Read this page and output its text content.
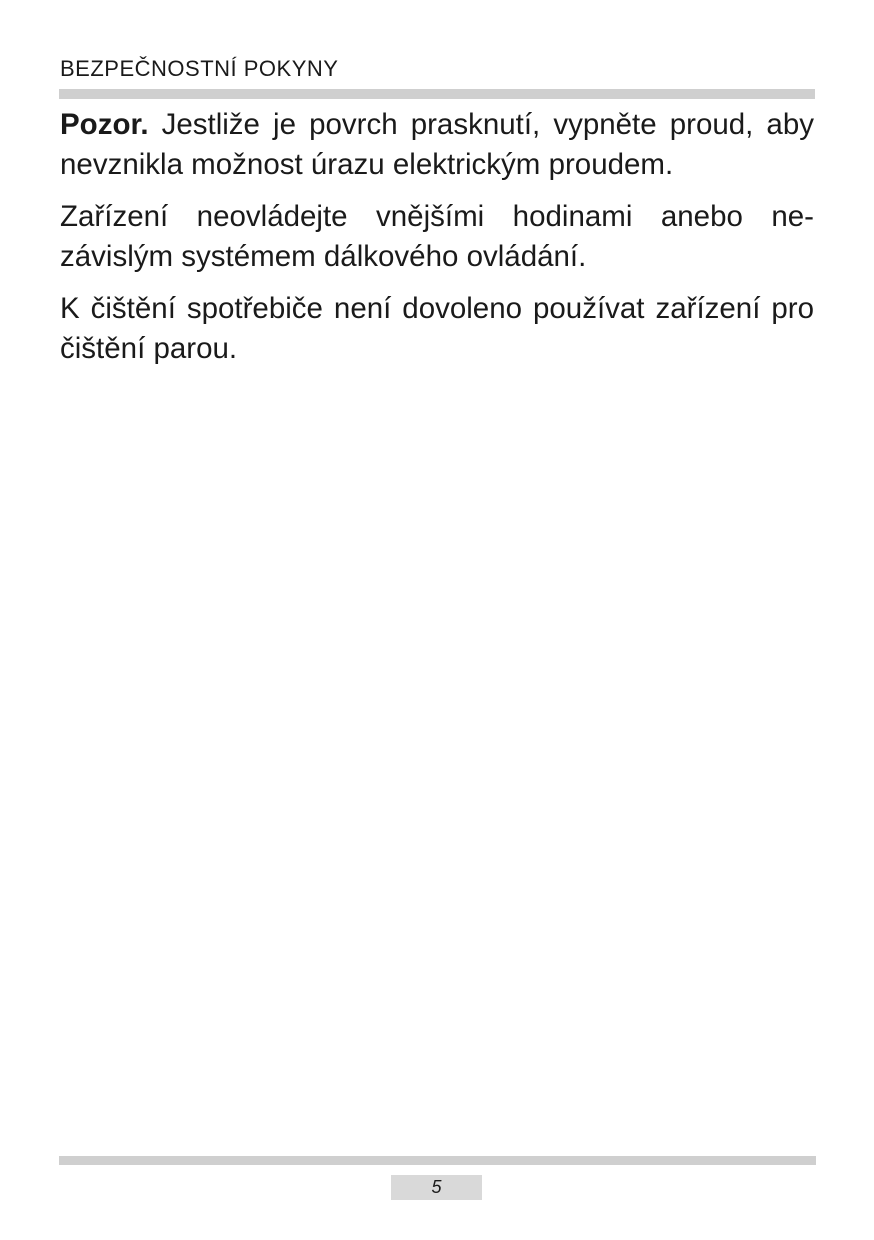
BEZPEČNOSTNÍ POKYNY

Pozor. Jestliže je povrch prasknutí, vypněte proud, aby nevznikla možnost úrazu elektrickým proudem.

Zařízení neovládejte vnějšími hodinami anebo ne-závislým systémem dálkového ovládání.

K čištění spotřebiče není dovoleno používat zařízení pro čištění parou.

5
